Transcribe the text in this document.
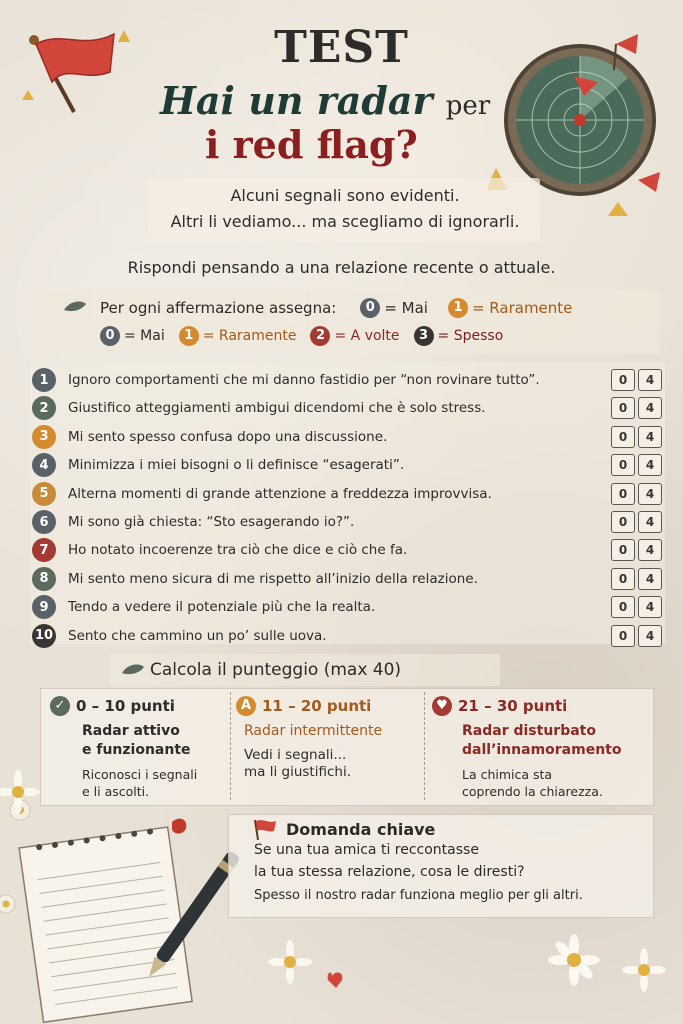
TEST
Hai un radar per
i red flag?
Alcuni segnali sono evidenti.
Altri li vediamo... ma scegliamo di ignorarli.
Rispondi pensando a una relazione recente o attuale.
Per ogni affermazione assegna:	0 = Mai	1 = Raramente
0 = Mai	1 = Raramente	2 = A volte	3 = Spesso
1	Ignoro comportamenti che mi danno fastidio per “non rovinare tutto”.	0	4
2	Giustifico atteggiamenti ambigui dicendomi che è solo stress.	0	4
3	Mi sento spesso confusa dopo una discussione.	0	4
4	Minimizza i miei bisogni o li definisce “esagerati”.	0	4
5	Alterna momenti di grande attenzione a freddezza improvvisa.	0	4
6	Mi sono già chiesta: “Sto esagerando io?”.	0	4
7	Ho notato incoerenze tra ciò che dice e ciò che fa.	0	4
8	Mi sento meno sicura di me rispetto all’inizio della relazione.	0	4
9	Tendo a vedere il potenziale più che la realta.	0	4
10 Sento che cammino un po’ sulle uova.	0	4
Calcola il punteggio (max 40)
✓ 0 – 10 punti
Radar attivo
e funzionante
Riconosci i segnali
e li ascolti.
A 11 – 20 punti
Radar intermittente
Vedi i segnali...
ma li giustifichi.
♥ 21 – 30 punti
Radar disturbato
dall’innamoramento
La chimica sta
coprendo la chiarezza.
Domanda chiave
Se una tua amica ti reccontasse
la tua stessa relazione, cosa le diresti?
Spesso il nostro radar funziona meglio per gli altri.
